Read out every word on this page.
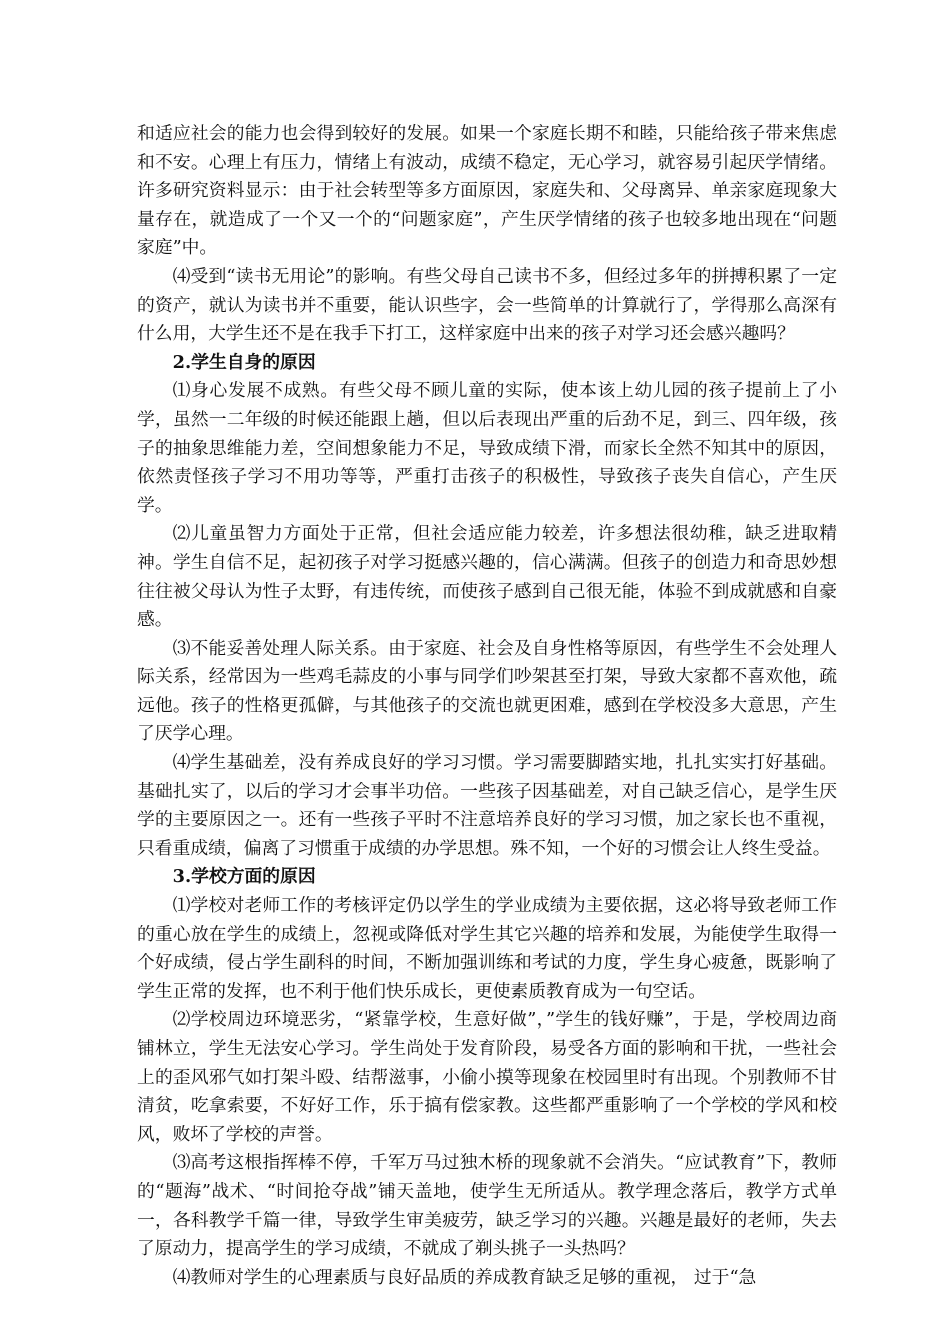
和适应社会的能力也会得到较好的发展。如果一个家庭长期不和睦，只能给孩子带来焦虑和不安。心理上有压力，情绪上有波动，成绩不稳定，无心学习，就容易引起厌学情绪。 许多研究资料显示：由于社会转型等多方面原因，家庭失和、父母离异、单亲家庭现象大量存在，就造成了一个又一个的“问题家庭”，产生厌学情绪的孩子也较多地出现在“问题家庭”中。

⑷受到“读书无用论”的影响。有些父母自己读书不多，但经过多年的拼搏积累了一定的资产，就认为读书并不重要，能认识些字，会一些简单的计算就行了，学得那么高深有什么用，大学生还不是在我手下打工，这样家庭中出来的孩子对学习还会感兴趣吗？

2.学生自身的原因

⑴身心发展不成熟。有些父母不顾儿童的实际，使本该上幼儿园的孩子提前上了小学，虽然一二年级的时候还能跟上趟，但以后表现出严重的后劲不足，到三、四年级，孩子的抽象思维能力差，空间想象能力不足，导致成绩下滑，而家长全然不知其中的原因，依然责怪孩子学习不用功等等，严重打击孩子的积极性，导致孩子丧失自信心，产生厌学。

⑵儿童虽智力方面处于正常，但社会适应能力较差，许多想法很幼稚，缺乏进取精神。学生自信不足，起初孩子对学习挺感兴趣的，信心满满。但孩子的创造力和奇思妙想往往被父母认为性子太野，有违传统，而使孩子感到自己很无能，体验不到成就感和自豪感。

⑶不能妥善处理人际关系。由于家庭、社会及自身性格等原因，有些学生不会处理人际关系，经常因为一些鸡毛蒜皮的小事与同学们吵架甚至打架，导致大家都不喜欢他，疏远他。孩子的性格更孤僻，与其他孩子的交流也就更困难，感到在学校没多大意思，产生了厌学心理。

⑷学生基础差，没有养成良好的学习习惯。学习需要脚踏实地，扎扎实实打好基础。基础扎实了，以后的学习才会事半功倍。一些孩子因基础差，对自己缺乏信心，是学生厌学的主要原因之一。还有一些孩子平时不注意培养良好的学习习惯，加之家长也不重视，只看重成绩，偏离了习惯重于成绩的办学思想。殊不知，一个好的习惯会让人终生受益。

3.学校方面的原因

⑴学校对老师工作的考核评定仍以学生的学业成绩为主要依据，这必将导致老师工作的重心放在学生的成绩上，忽视或降低对学生其它兴趣的培养和发展，为能使学生取得一个好成绩，侵占学生副科的时间，不断加强训练和考试的力度，学生身心疲惫，既影响了学生正常的发挥，也不利于他们快乐成长，更使素质教育成为一句空话。

⑵学校周边环境恶劣，“紧靠学校，生意好做”，”学生的钱好赚”，于是，学校周边商铺林立，学生无法安心学习。学生尚处于发育阶段，易受各方面的影响和干扰，一些社会上的歪风邪气如打架斗殴、结帮滋事，小偷小摸等现象在校园里时有出现。个别教师不甘清贫，吃拿索要，不好好工作，乐于搞有偿家教。这些都严重影响了一个学校的学风和校风，败坏了学校的声誉。

⑶高考这根指挥棒不停，千军万马过独木桥的现象就不会消失。“应试教育”下，教师的“题海”战术、“时间抢夺战”铺天盖地，使学生无所适从。教学理念落后，教学方式单一，各科教学千篇一律，导致学生审美疲劳，缺乏学习的兴趣。兴趣是最好的老师，失去了原动力，提高学生的学习成绩，不就成了剃头挑子一头热吗？

⑷教师对学生的心理素质与良好品质的养成教育缺乏足够的重视， 过于“急
